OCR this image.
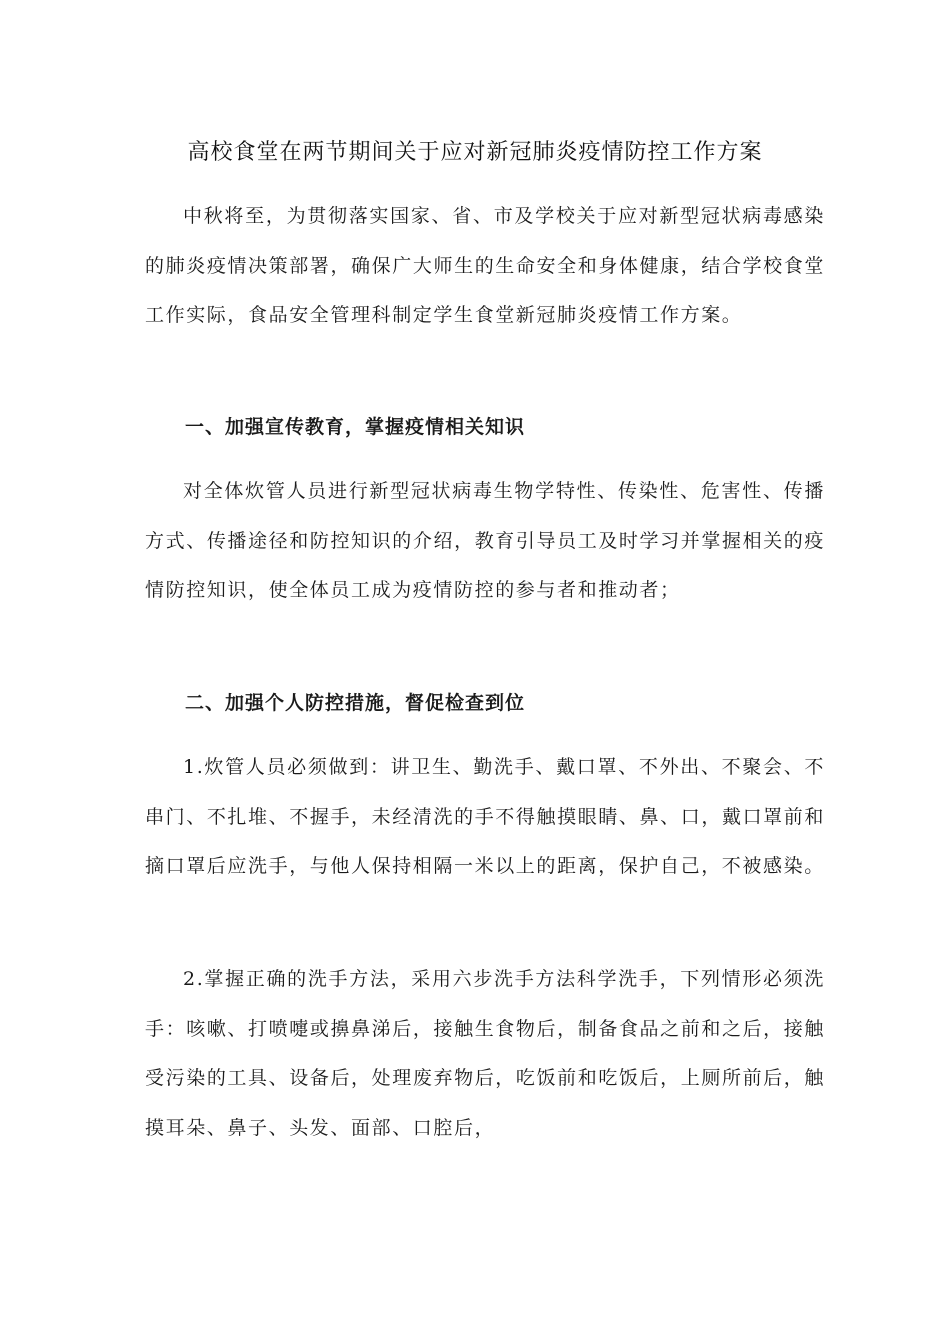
高校食堂在两节期间关于应对新冠肺炎疫情防控工作方案

中秋将至，为贯彻落实国家、省、市及学校关于应对新型冠状病毒感染的肺炎疫情决策部署，确保广大师生的生命安全和身体健康，结合学校食堂工作实际，食品安全管理科制定学生食堂新冠肺炎疫情工作方案。

一、加强宣传教育，掌握疫情相关知识

对全体炊管人员进行新型冠状病毒生物学特性、传染性、危害性、传播方式、传播途径和防控知识的介绍，教育引导员工及时学习并掌握相关的疫情防控知识，使全体员工成为疫情防控的参与者和推动者；

二、加强个人防控措施，督促检查到位

1.炊管人员必须做到：讲卫生、勤洗手、戴口罩、不外出、不聚会、不串门、不扎堆、不握手，未经清洗的手不得触摸眼睛、鼻、口，戴口罩前和摘口罩后应洗手，与他人保持相隔一米以上的距离，保护自己，不被感染。

2.掌握正确的洗手方法，采用六步洗手方法科学洗手，下列情形必须洗手：咳嗽、打喷嚏或擤鼻涕后，接触生食物后，制备食品之前和之后，接触受污染的工具、设备后，处理废弃物后，吃饭前和吃饭后，上厕所前后，触摸耳朵、鼻子、头发、面部、口腔后，
